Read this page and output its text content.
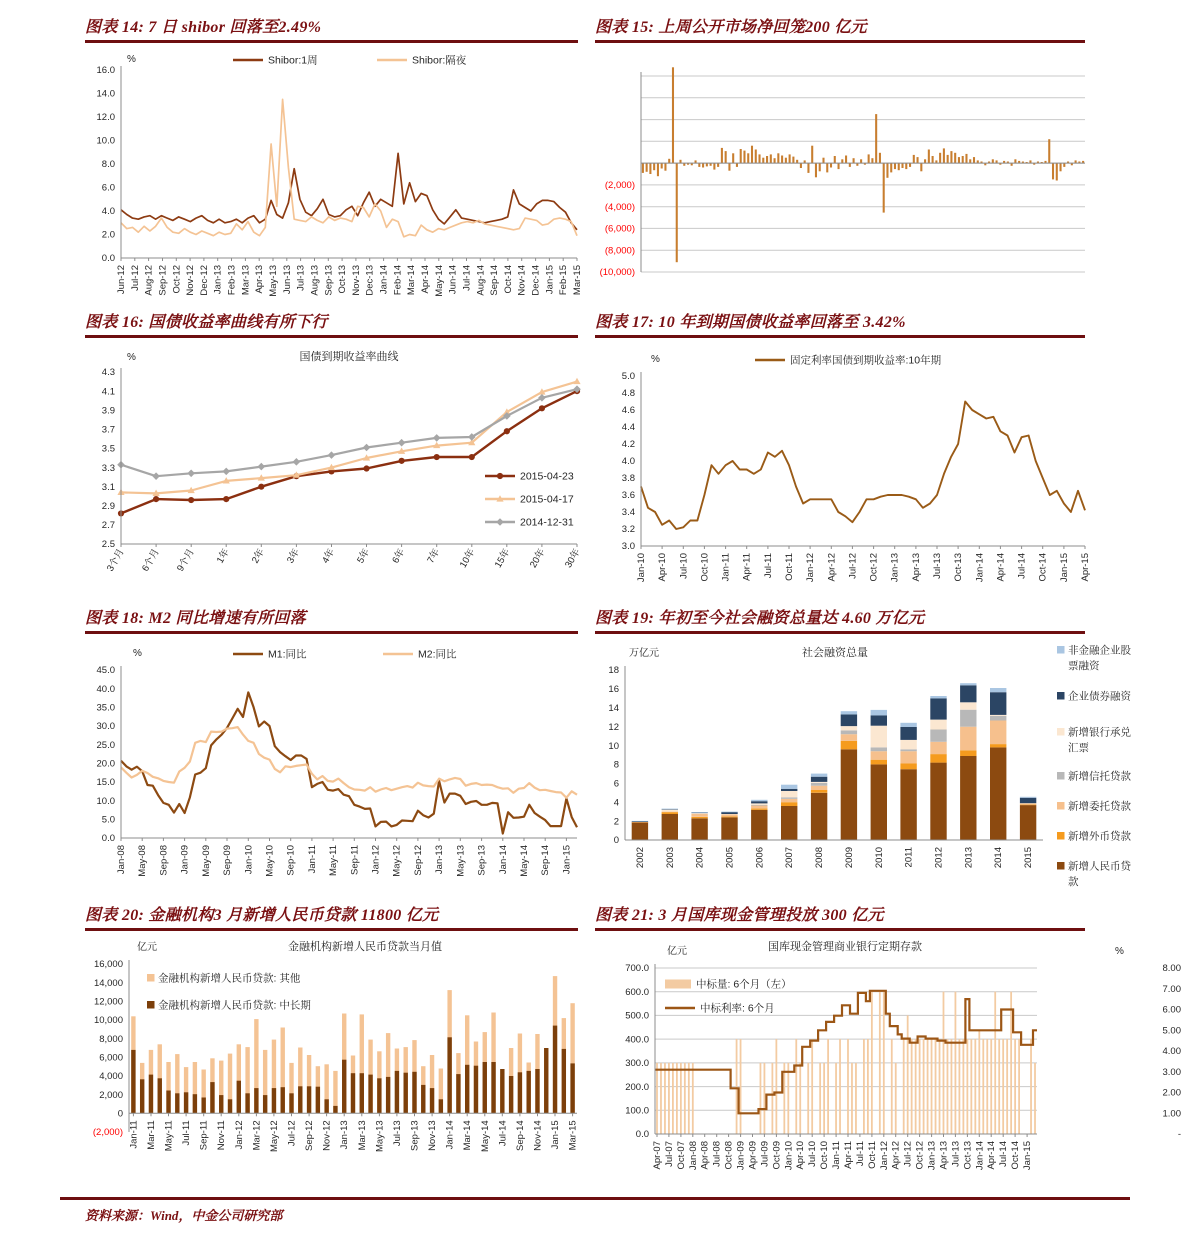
图表 14: 7 日 shibor 回落至2.49%
0.0
2.0
4.0
6.0
8.0
10.0
12.0
14.0
16.0
Jun-12 Jul-12 Aug-12 Sep-12 Oct-12 Nov-12 Dec-12 Jan-13 Feb-13 Mar-13 Apr-13 May-13 Jun-13 Jul-13 Aug-13 Sep-13 Oct-13 Nov-13 Dec-13 Jan-14 Feb-14 Mar-14 Apr-14 May-14 Jun-14 Jul-14 Aug-14 Sep-14 Oct-14 Nov-14 Dec-14 Jan-15 Feb-15 Mar-15
%	Shibor:1周	Shibor:隔夜
图表 15: 上周公开市场净回笼200 亿元
(10,000)
(8,000)
(6,000)
(4,000)
(2,000)
图表 16: 国债收益率曲线有所下行
2.5
2.7
2.9
3.1
3.3
3.5
3.7
3.9
4.1
4.3
3个月 6个月 9个月 1年 2年 3年 4年 5年 6年 7年 10年 15年 20年 30年
%	国债到期收益率曲线
2015-04-23
2015-04-17
2014-12-31
图表 17: 10 年到期国债收益率回落至 3.42%
3.0
3.2
3.4
3.6
3.8
4.0
4.2
4.4
4.6
4.8
5.0
Jan-10 Apr-10 Jul-10 Oct-10 Jan-11 Apr-11 Jul-11 Oct-11 Jan-12 Apr-12 Jul-12 Oct-12 Jan-13 Apr-13 Jul-13 Oct-13 Jan-14 Apr-14 Jul-14 Oct-14 Jan-15 Apr-15
%	固定利率国债到期收益率:10年期
图表 18: M2 同比增速有所回落
0.0
5.0
10.0
15.0
20.0
25.0
30.0
35.0
40.0
45.0
Jan-08 May-08 Sep-08 Jan-09 May-09 Sep-09 Jan-10 May-10 Sep-10 Jan-11 May-11 Sep-11 Jan-12 May-12 Sep-12 Jan-13 May-13 Sep-13 Jan-14 May-14 Sep-14 Jan-15
%	M1:同比	M2:同比
图表 19: 年初至今社会融资总量达 4.60 万亿元
0
2
4
6
8
10
12
14
16
18
2002 2003 2004 2005 2006 2007 2008 2009 2010 2011 2012 2013 2014 2015
万亿元	社会融资总量	非金融企业股
票融资
企业债券融资
新增银行承兑
汇票
新增信托贷款
新增委托贷款
新增外币贷款
新增人民币贷
款
图表 20: 金融机构3 月新增人民币贷款 11800 亿元
(2,000)
0
2,000
4,000
6,000
8,000
10,000
12,000
14,000
16,000
Jan-11 Mar-11 May-11 Jul-11 Sep-11 Nov-11 Jan-12 Mar-12 May-12 Jul-12 Sep-12 Nov-12 Jan-13 Mar-13 May-13 Jul-13 Sep-13 Nov-13 Jan-14 Mar-14 May-14 Jul-14 Sep-14 Nov-14 Jan-15 Mar-15
亿元	金融机构新增人民币贷款当月值
金融机构新增人民币贷款: 其他
金融机构新增人民币贷款: 中长期
图表 21: 3 月国库现金管理投放 300 亿元
0.0
100.0
200.0
300.0
400.0
500.0
600.0
700.0
-
1.00
2.00
3.00
4.00
5.00
6.00
7.00
8.00
Apr-07 Jul-07 Oct-07 Jan-08 Apr-08 Jul-08 Oct-08 Jan-09 Apr-09 Jul-09 Oct-09 Jan-10 Apr-10 Jul-10 Oct-10 Jan-11 Apr-11 Jul-11 Oct-11 Jan-12 Apr-12 Jul-12 Oct-12 Jan-13 Apr-13 Jul-13 Oct-13 Jan-14 Apr-14 Jul-14 Oct-14 Jan-15
亿元	%
国库现金管理商业银行定期存款
中标量: 6个月（左）
中标利率: 6个月
资料来源：Wind，中金公司研究部
